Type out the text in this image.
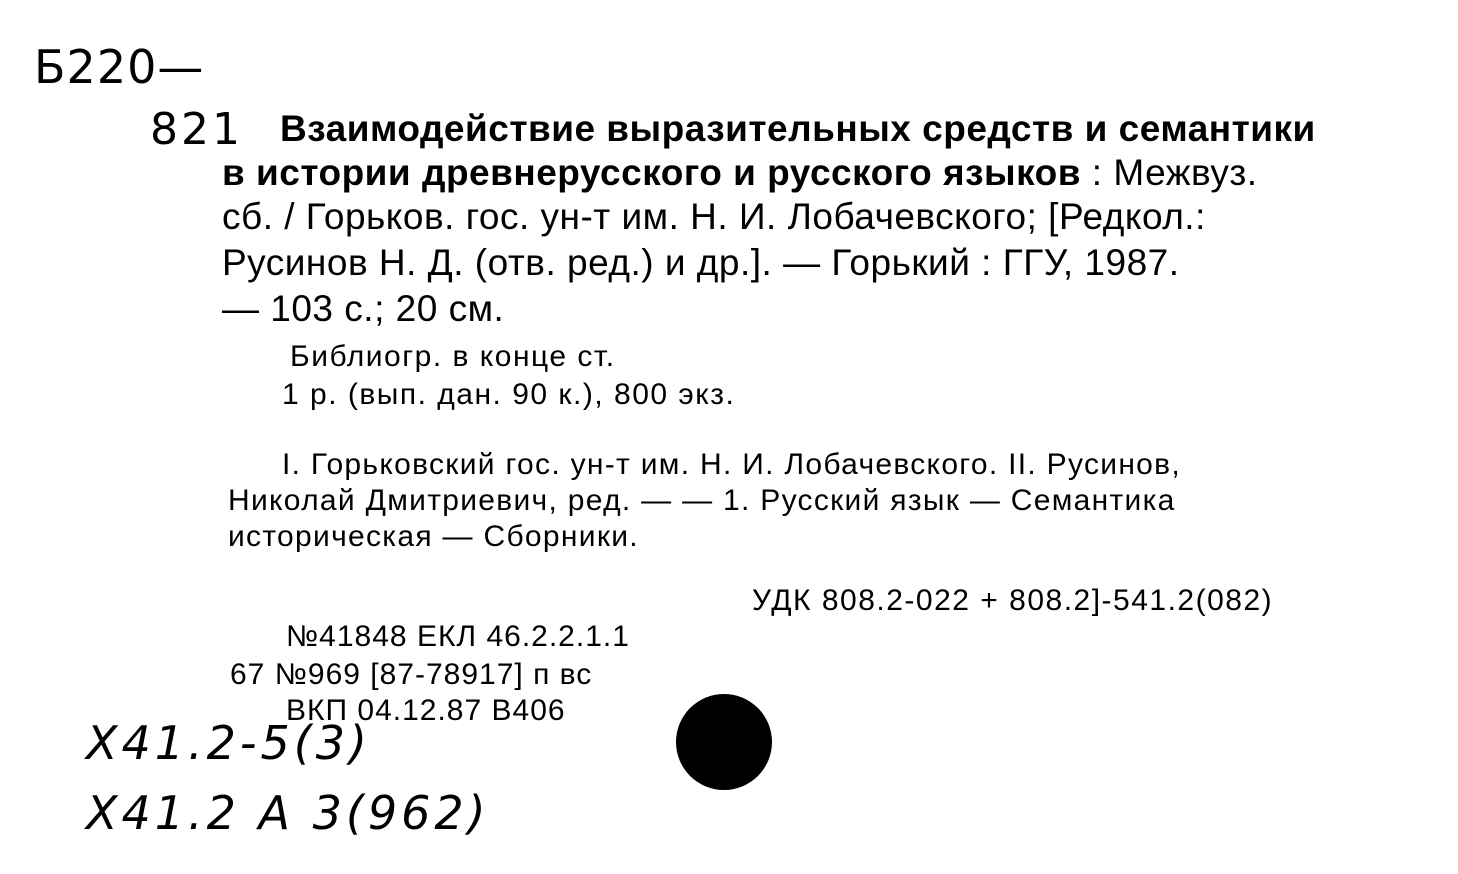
Б220—
821 Взаимодействие выразительных средств и семантики
в истории древнерусского и русского языков : Межвуз.
сб. / Горьков. гос. ун-т им. Н. И. Лобачевского; [Редкол.:
Русинов Н. Д. (отв. ред.) и др.]. — Горький : ГГУ, 1987.
— 103 с.; 20 см.
Библиогр. в конце ст.
1 р. (вып. дан. 90 к.), 800 экз.
I. Горьковский гос. ун-т им. Н. И. Лобачевского. II. Русинов,
Николай Дмитриевич, ред. — — 1. Русский язык — Семантика
историческая — Сборники.
УДК 808.2-022 + 808.2]-541.2(082)
№41848 ЕКЛ 46.2.2.1.1
67 №969 [87-78917] п вс
ВКП 04.12.87 В406
Х41.2-5(3)
Х41.2 А 3(962)
